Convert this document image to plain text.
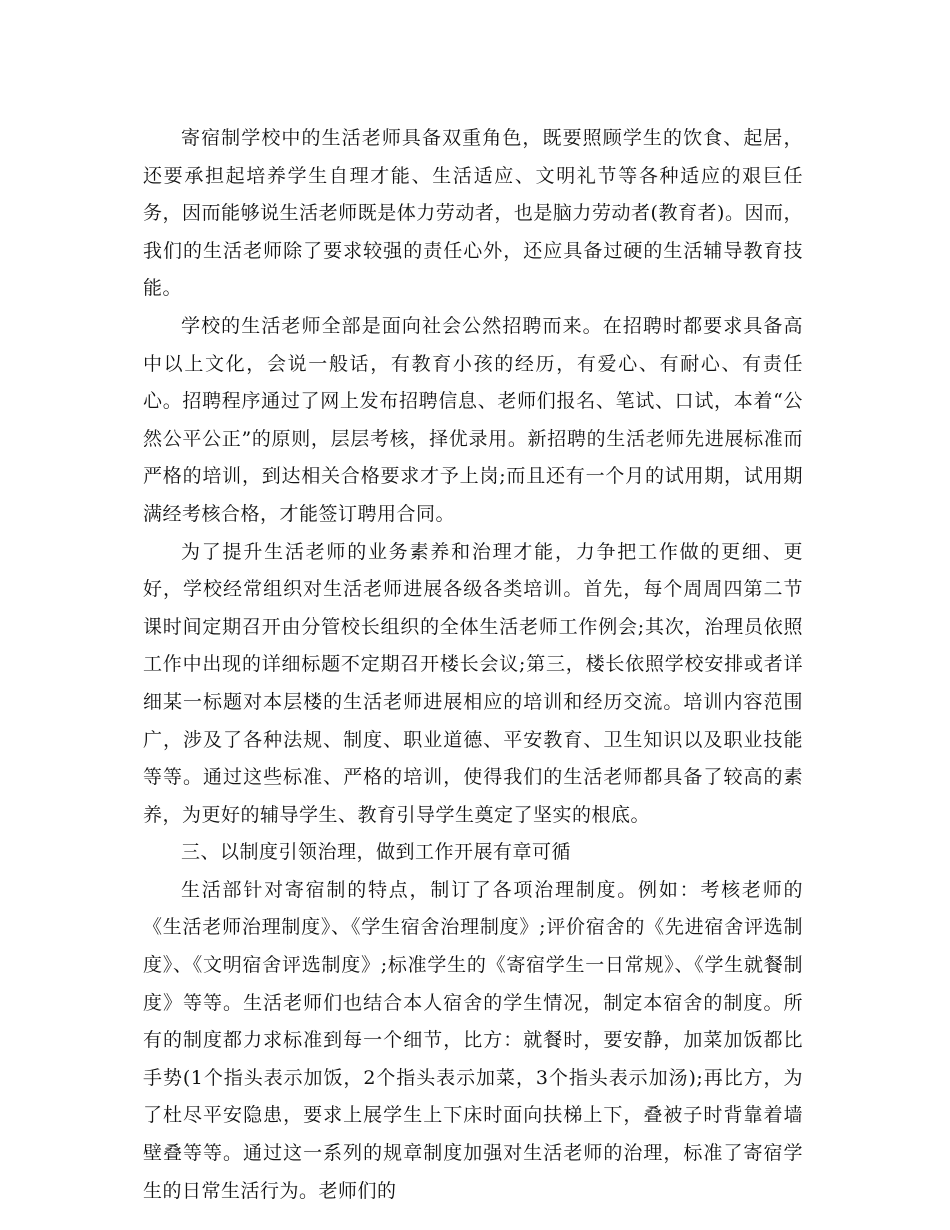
寄宿制学校中的生活老师具备双重角色，既要照顾学生的饮食、起居，还要承担起培养学生自理才能、生活适应、文明礼节等各种适应的艰巨任务，因而能够说生活老师既是体力劳动者，也是脑力劳动者(教育者)。因而，我们的生活老师除了要求较强的责任心外，还应具备过硬的生活辅导教育技能。

学校的生活老师全部是面向社会公然招聘而来。在招聘时都要求具备高中以上文化，会说一般话，有教育小孩的经历，有爱心、有耐心、有责任心。招聘程序通过了网上发布招聘信息、老师们报名、笔试、口试，本着“公然公平公正”的原则，层层考核，择优录用。新招聘的生活老师先进展标准而严格的培训，到达相关合格要求才予上岗;而且还有一个月的试用期，试用期满经考核合格，才能签订聘用合同。

为了提升生活老师的业务素养和治理才能，力争把工作做的更细、更好，学校经常组织对生活老师进展各级各类培训。首先，每个周周四第二节课时间定期召开由分管校长组织的全体生活老师工作例会;其次，治理员依照工作中出现的详细标题不定期召开楼长会议;第三，楼长依照学校安排或者详细某一标题对本层楼的生活老师进展相应的培训和经历交流。培训内容范围广，涉及了各种法规、制度、职业道德、平安教育、卫生知识以及职业技能等等。通过这些标准、严格的培训，使得我们的生活老师都具备了较高的素养，为更好的辅导学生、教育引导学生奠定了坚实的根底。

三、以制度引领治理，做到工作开展有章可循

生活部针对寄宿制的特点，制订了各项治理制度。例如：考核老师的《生活老师治理制度》、《学生宿舍治理制度》;评价宿舍的《先进宿舍评选制度》、《文明宿舍评选制度》;标准学生的《寄宿学生一日常规》、《学生就餐制度》等等。生活老师们也结合本人宿舍的学生情况，制定本宿舍的制度。所有的制度都力求标准到每一个细节，比方：就餐时，要安静，加菜加饭都比手势(1个指头表示加饭，2个指头表示加菜，3个指头表示加汤);再比方，为了杜尽平安隐患，要求上展学生上下床时面向扶梯上下，叠被子时背靠着墙壁叠等等。通过这一系列的规章制度加强对生活老师的治理，标准了寄宿学生的日常生活行为。老师们的
